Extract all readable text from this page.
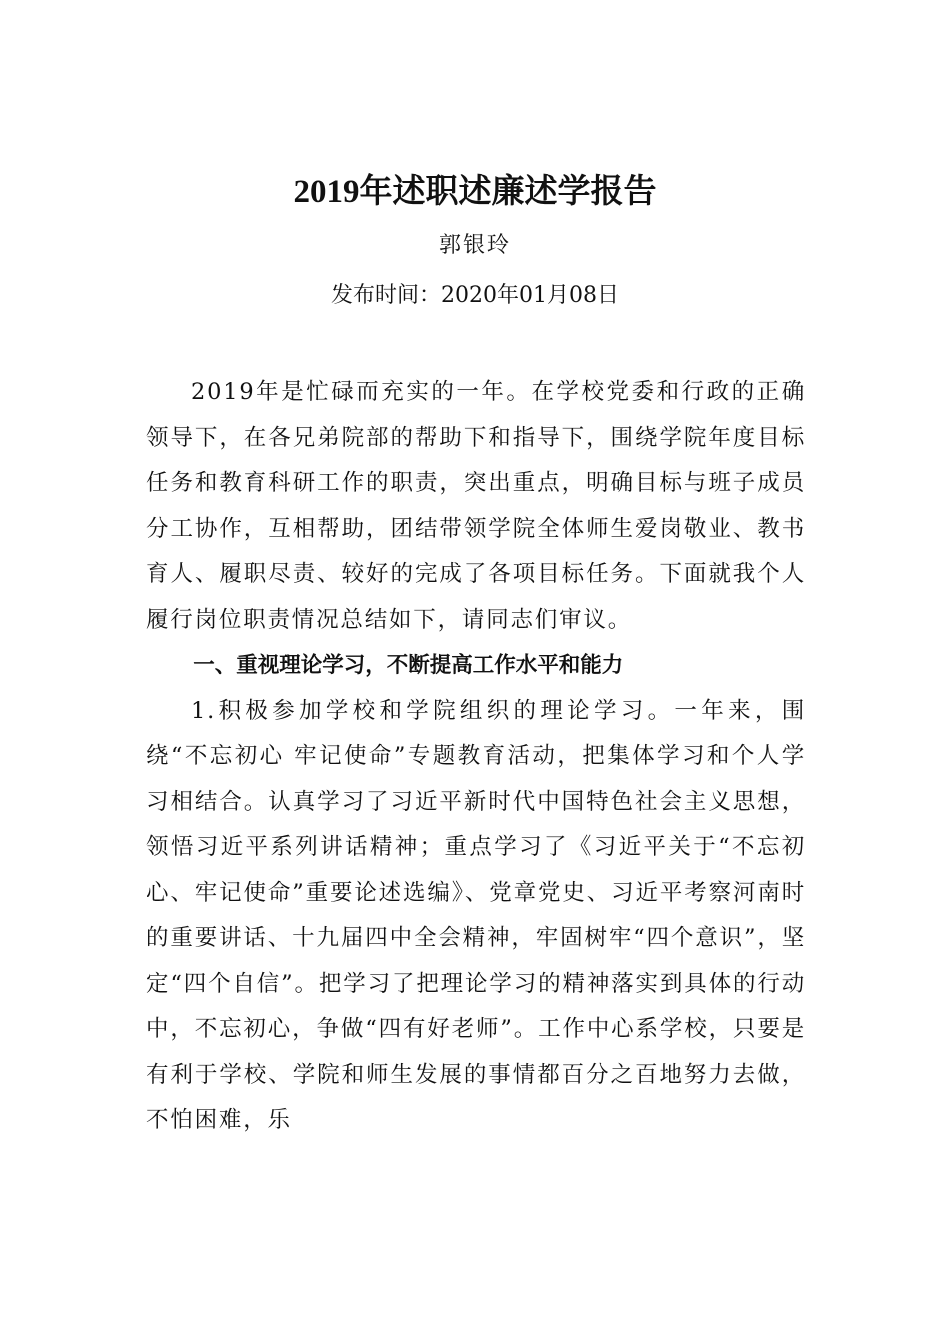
2019年述职述廉述学报告

郭银玲

发布时间：2020年01月08日

2019年是忙碌而充实的一年。在学校党委和行政的正确领导下，在各兄弟院部的帮助下和指导下，围绕学院年度目标任务和教育科研工作的职责，突出重点，明确目标与班子成员分工协作，互相帮助，团结带领学院全体师生爱岗敬业、教书育人、履职尽责、较好的完成了各项目标任务。下面就我个人履行岗位职责情况总结如下，请同志们审议。

一、重视理论学习，不断提高工作水平和能力

1.积极参加学校和学院组织的理论学习。一年来，围绕“不忘初心 牢记使命”专题教育活动，把集体学习和个人学习相结合。认真学习了习近平新时代中国特色社会主义思想，领悟习近平系列讲话精神；重点学习了《习近平关于“不忘初心、牢记使命”重要论述选编》、党章党史、习近平考察河南时的重要讲话、十九届四中全会精神，牢固树牢“四个意识”，坚定“四个自信”。把学习了把理论学习的精神落实到具体的行动中，不忘初心，争做“四有好老师”。工作中心系学校，只要是有利于学校、学院和师生发展的事情都百分之百地努力去做，不怕困难，乐
